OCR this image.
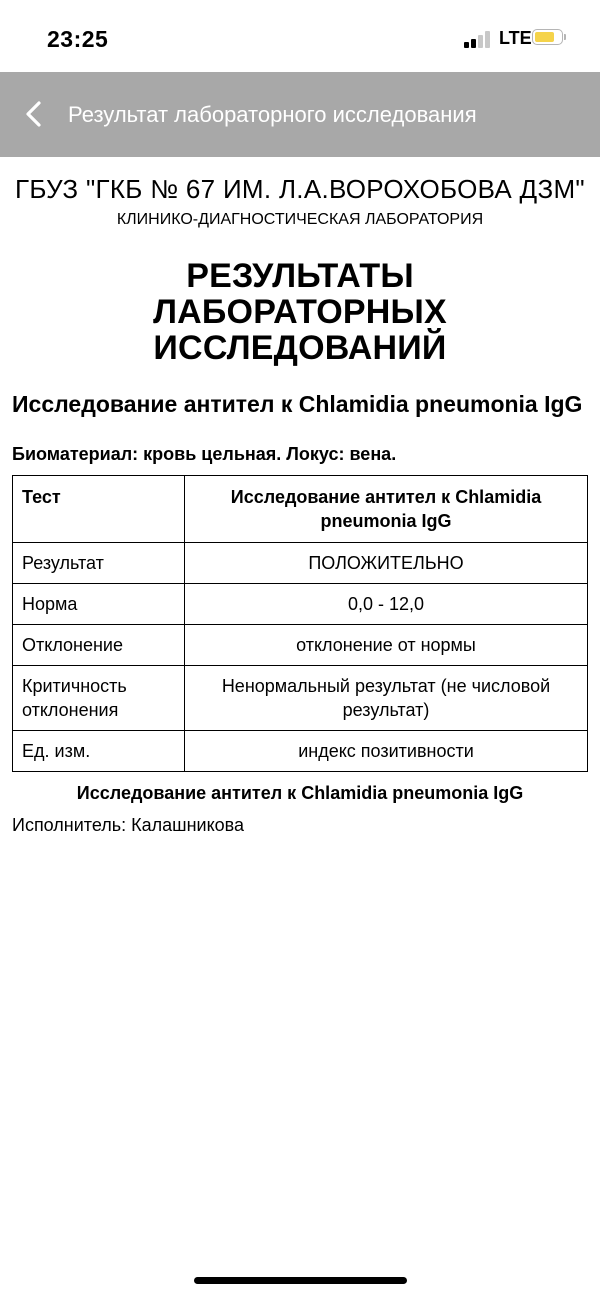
23:25	LTE
Результат лабораторного исследования
ГБУЗ "ГКБ № 67 ИМ. Л.А.ВОРОХОБОВА ДЗМ"
КЛИНИКО-ДИАГНОСТИЧЕСКАЯ ЛАБОРАТОРИЯ
РЕЗУЛЬТАТЫ ЛАБОРАТОРНЫХ ИССЛЕДОВАНИЙ
Исследование антител к Chlamidia pneumonia IgG
Биоматериал: кровь цельная. Локус: вена.
Тест	Исследование антител к Chlamidia pneumonia IgG
Результат	ПОЛОЖИТЕЛЬНО
Норма	0,0 - 12,0
Отклонение	отклонение от нормы
Критичность отклонения	Ненормальный результат (не числовой результат)
Ед. изм.	индекс позитивности
Исследование антител к Chlamidia pneumonia IgG
Исполнитель: Калашникова
